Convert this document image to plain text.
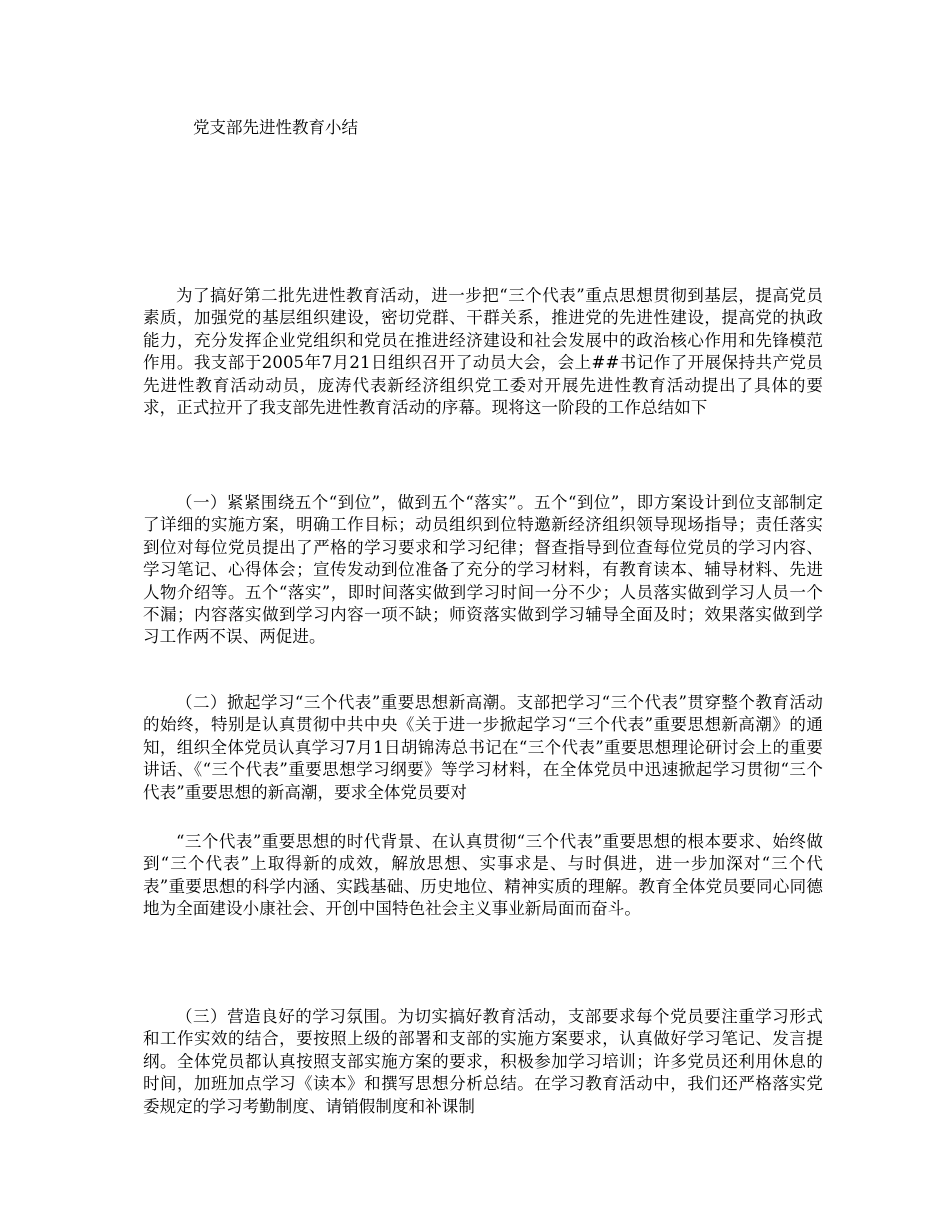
党支部先进性教育小结

为了搞好第二批先进性教育活动，进一步把“三个代表”重点思想贯彻到基层，提高党员素质，加强党的基层组织建设，密切党群、干群关系，推进党的先进性建设，提高党的执政能力，充分发挥企业党组织和党员在推进经济建设和社会发展中的政治核心作用和先锋模范作用。我支部于2005年7月21日组织召开了动员大会，会上##书记作了开展保持共产党员先进性教育活动动员，庞涛代表新经济组织党工委对开展先进性教育活动提出了具体的要求，正式拉开了我支部先进性教育活动的序幕。现将这一阶段的工作总结如下

（一）紧紧围绕五个“到位”，做到五个“落实”。五个“到位”，即方案设计到位支部制定了详细的实施方案，明确工作目标；动员组织到位特邀新经济组织领导现场指导；责任落实到位对每位党员提出了严格的学习要求和学习纪律；督查指导到位查每位党员的学习内容、学习笔记、心得体会；宣传发动到位准备了充分的学习材料，有教育读本、辅导材料、先进人物介绍等。五个“落实”，即时间落实做到学习时间一分不少；人员落实做到学习人员一个不漏；内容落实做到学习内容一项不缺；师资落实做到学习辅导全面及时；效果落实做到学习工作两不误、两促进。

（二）掀起学习“三个代表”重要思想新高潮。支部把学习“三个代表”贯穿整个教育活动的始终，特别是认真贯彻中共中央《关于进一步掀起学习“三个代表”重要思想新高潮》的通知，组织全体党员认真学习7月1日胡锦涛总书记在“三个代表”重要思想理论研讨会上的重要讲话、《“三个代表”重要思想学习纲要》等学习材料，在全体党员中迅速掀起学习贯彻“三个代表”重要思想的新高潮，要求全体党员要对

“三个代表”重要思想的时代背景、在认真贯彻“三个代表”重要思想的根本要求、始终做到“三个代表”上取得新的成效，解放思想、实事求是、与时俱进，进一步加深对“三个代表”重要思想的科学内涵、实践基础、历史地位、精神实质的理解。教育全体党员要同心同德地为全面建设小康社会、开创中国特色社会主义事业新局面而奋斗。

（三）营造良好的学习氛围。为切实搞好教育活动，支部要求每个党员要注重学习形式和工作实效的结合，要按照上级的部署和支部的实施方案要求，认真做好学习笔记、发言提纲。全体党员都认真按照支部实施方案的要求，积极参加学习培训；许多党员还利用休息的时间，加班加点学习《读本》和撰写思想分析总结。在学习教育活动中，我们还严格落实党委规定的学习考勤制度、请销假制度和补课制
